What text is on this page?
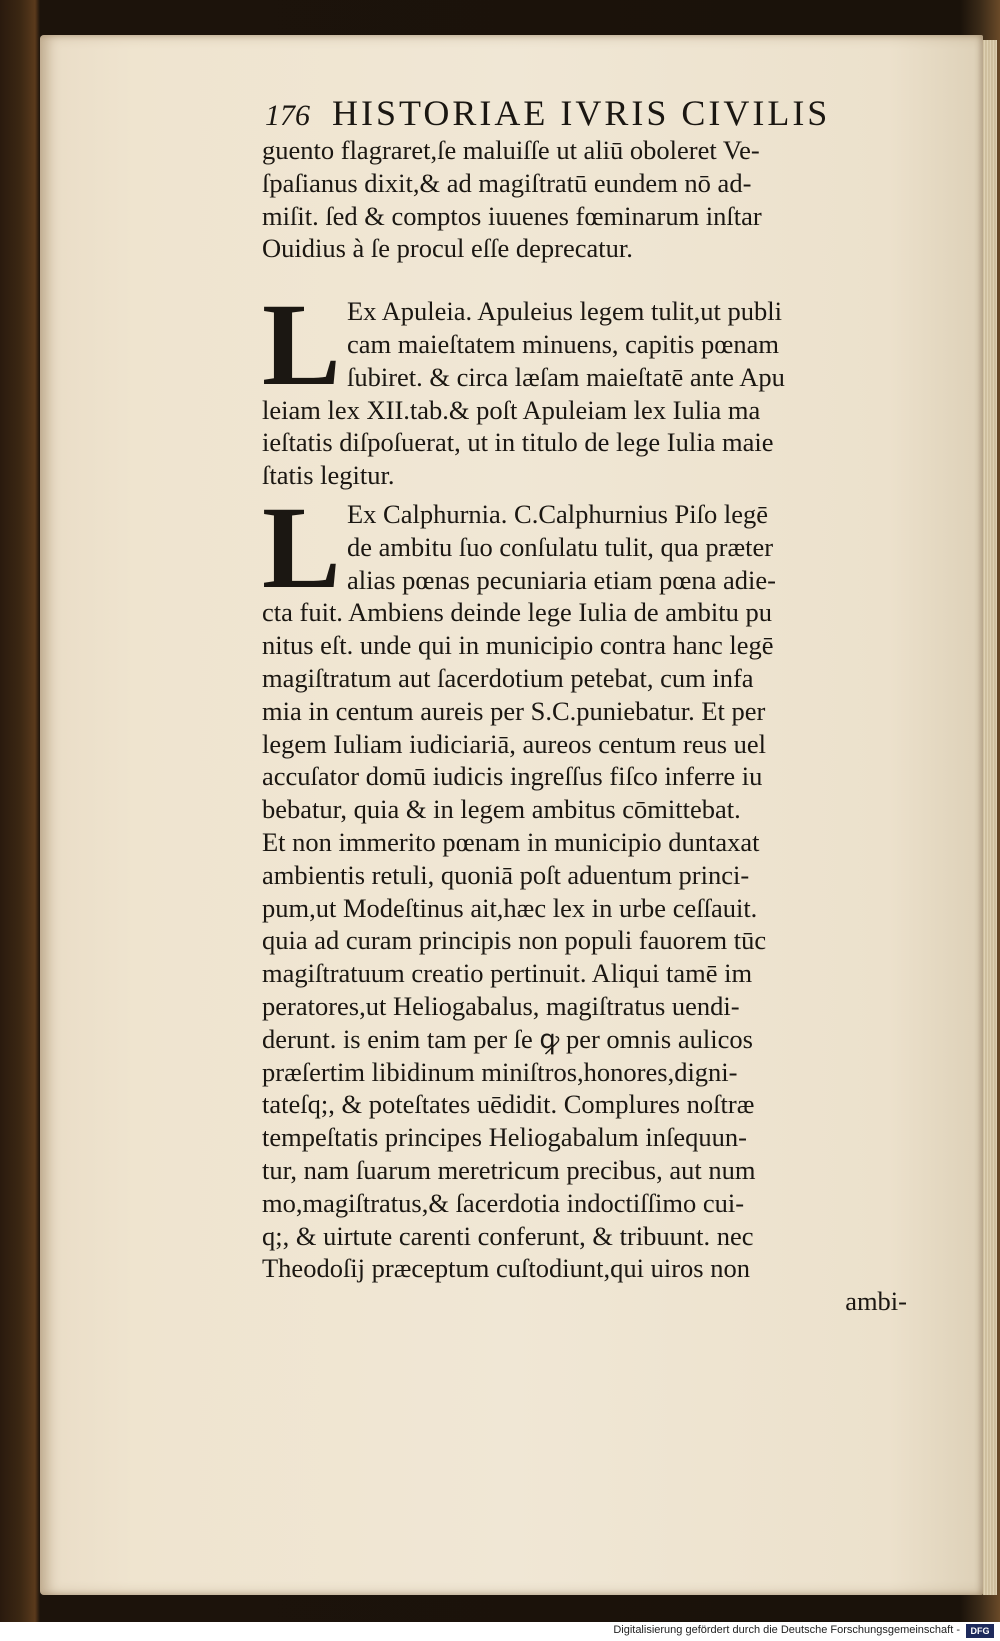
176 HISTORIAE IVRIS CIVILIS
guento flagraret,ſe maluiſſe ut aliū oboleret Ve-
ſpaſianus dixit,& ad magiſtratū eundem nō ad-
miſit. ſed & comptos iuuenes fœminarum inſtar
Ouidius à ſe procul eſſe deprecatur.
L Ex Apuleia. Apuleius legem tulit,ut publi
cam maieſtatem minuens, capitis pœnam
ſubiret. & circa læſam maieſtatē ante Apu
leiam lex XII.tab.& poſt Apuleiam lex Iulia ma
ieſtatis diſpoſuerat, ut in titulo de lege Iulia maie
ſtatis legitur.
L Ex Calphurnia. C.Calphurnius Piſo legē
de ambitu ſuo conſulatu tulit, qua præter
alias pœnas pecuniaria etiam pœna adie-
cta fuit. Ambiens deinde lege Iulia de ambitu pu
nitus eſt. unde qui in municipio contra hanc legē
magiſtratum aut ſacerdotium petebat, cum infa
mia in centum aureis per S.C.puniebatur. Et per
legem Iuliam iudiciariā, aureos centum reus uel
accuſator domū iudicis ingreſſus fiſco inferre iu
bebatur, quia & in legem ambitus cōmittebat.
Et non immerito pœnam in municipio duntaxat
ambientis retuli, quoniā poſt aduentum princi-
pum,ut Modeſtinus ait,hæc lex in urbe ceſſauit.
quia ad curam principis non populi fauorem tūc
magiſtratuum creatio pertinuit. Aliqui tamē im
peratores,ut Heliogabalus, magiſtratus uendi-
derunt. is enim tam per ſe ꝙ per omnis aulicos
præſertim libidinum miniſtros,honores,digni-
tateſq;, & poteſtates uēdidit. Complures noſtræ
tempeſtatis principes Heliogabalum inſequun-
tur, nam ſuarum meretricum precibus, aut num
mo,magiſtratus,& ſacerdotia indoctiſſimo cui-
q;, & uirtute carenti conferunt, & tribuunt. nec
Theodoſij præceptum cuſtodiunt,qui uiros non
ambi-
Digitalisierung gefördert durch die Deutsche Forschungsgemeinschaft -	DFG
